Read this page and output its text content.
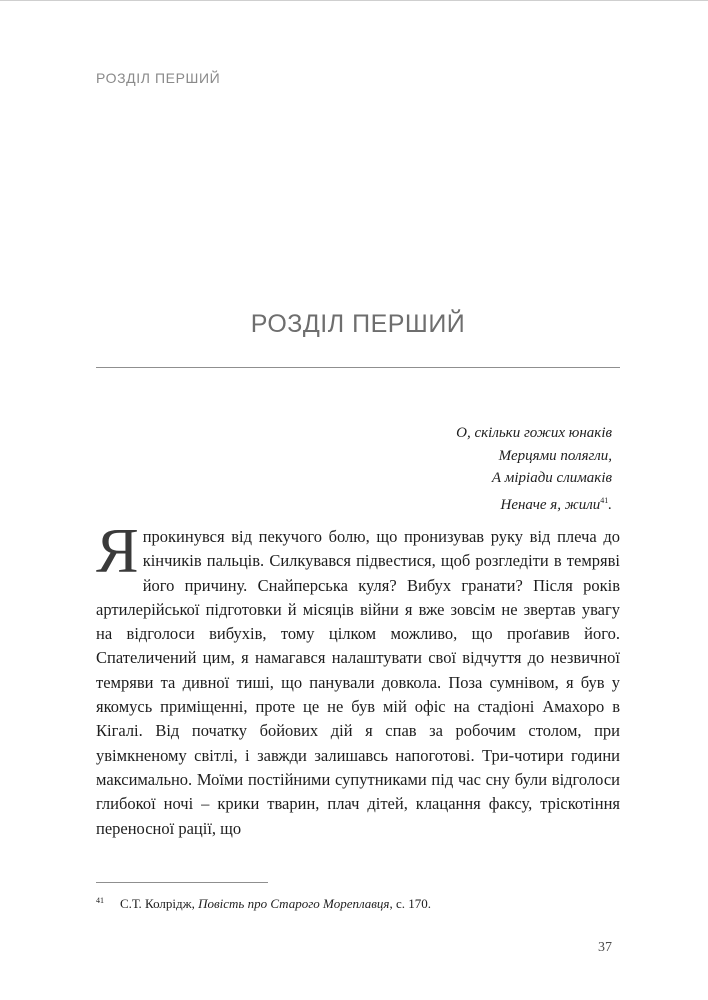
РОЗДІЛ ПЕРШИЙ
РОЗДІЛ ПЕРШИЙ
О, скільки гожих юнаків
Мерцями полягли,
А міріади слимаків
Неначе я, жили$^{41}$.
Япрокинувся від пекучого болю, що пронизував руку від плеча до кінчиків пальців. Силкувався підвестися, щоб розгледіти в темряві його причину. Снайперська куля? Вибух гранати? Після років артилерійської підготовки й місяців війни я вже зовсім не звертав увагу на відголоси вибухів, тому цілком можливо, що проґавив його. Спателичений цим, я намагався налаштувати свої відчуття до незвичної темряви та дивної тиші, що панували довкола. Поза сумнівом, я був у якомусь приміщенні, проте це не був мій офіс на стадіоні Амахоро в Кігалі. Від початку бойових дій я спав за робочим столом, при увімкненому світлі, і завжди залишавсь напоготові. Три-чотири години максимально. Моїми постійними супутниками під час сну були відголоси глибокої ночі – крики тварин, плач дітей, клацання факсу, тріскотіння переносної рації, що
41 С.Т. Колрідж, Повість про Старого Мореплавця, с. 170.
37
